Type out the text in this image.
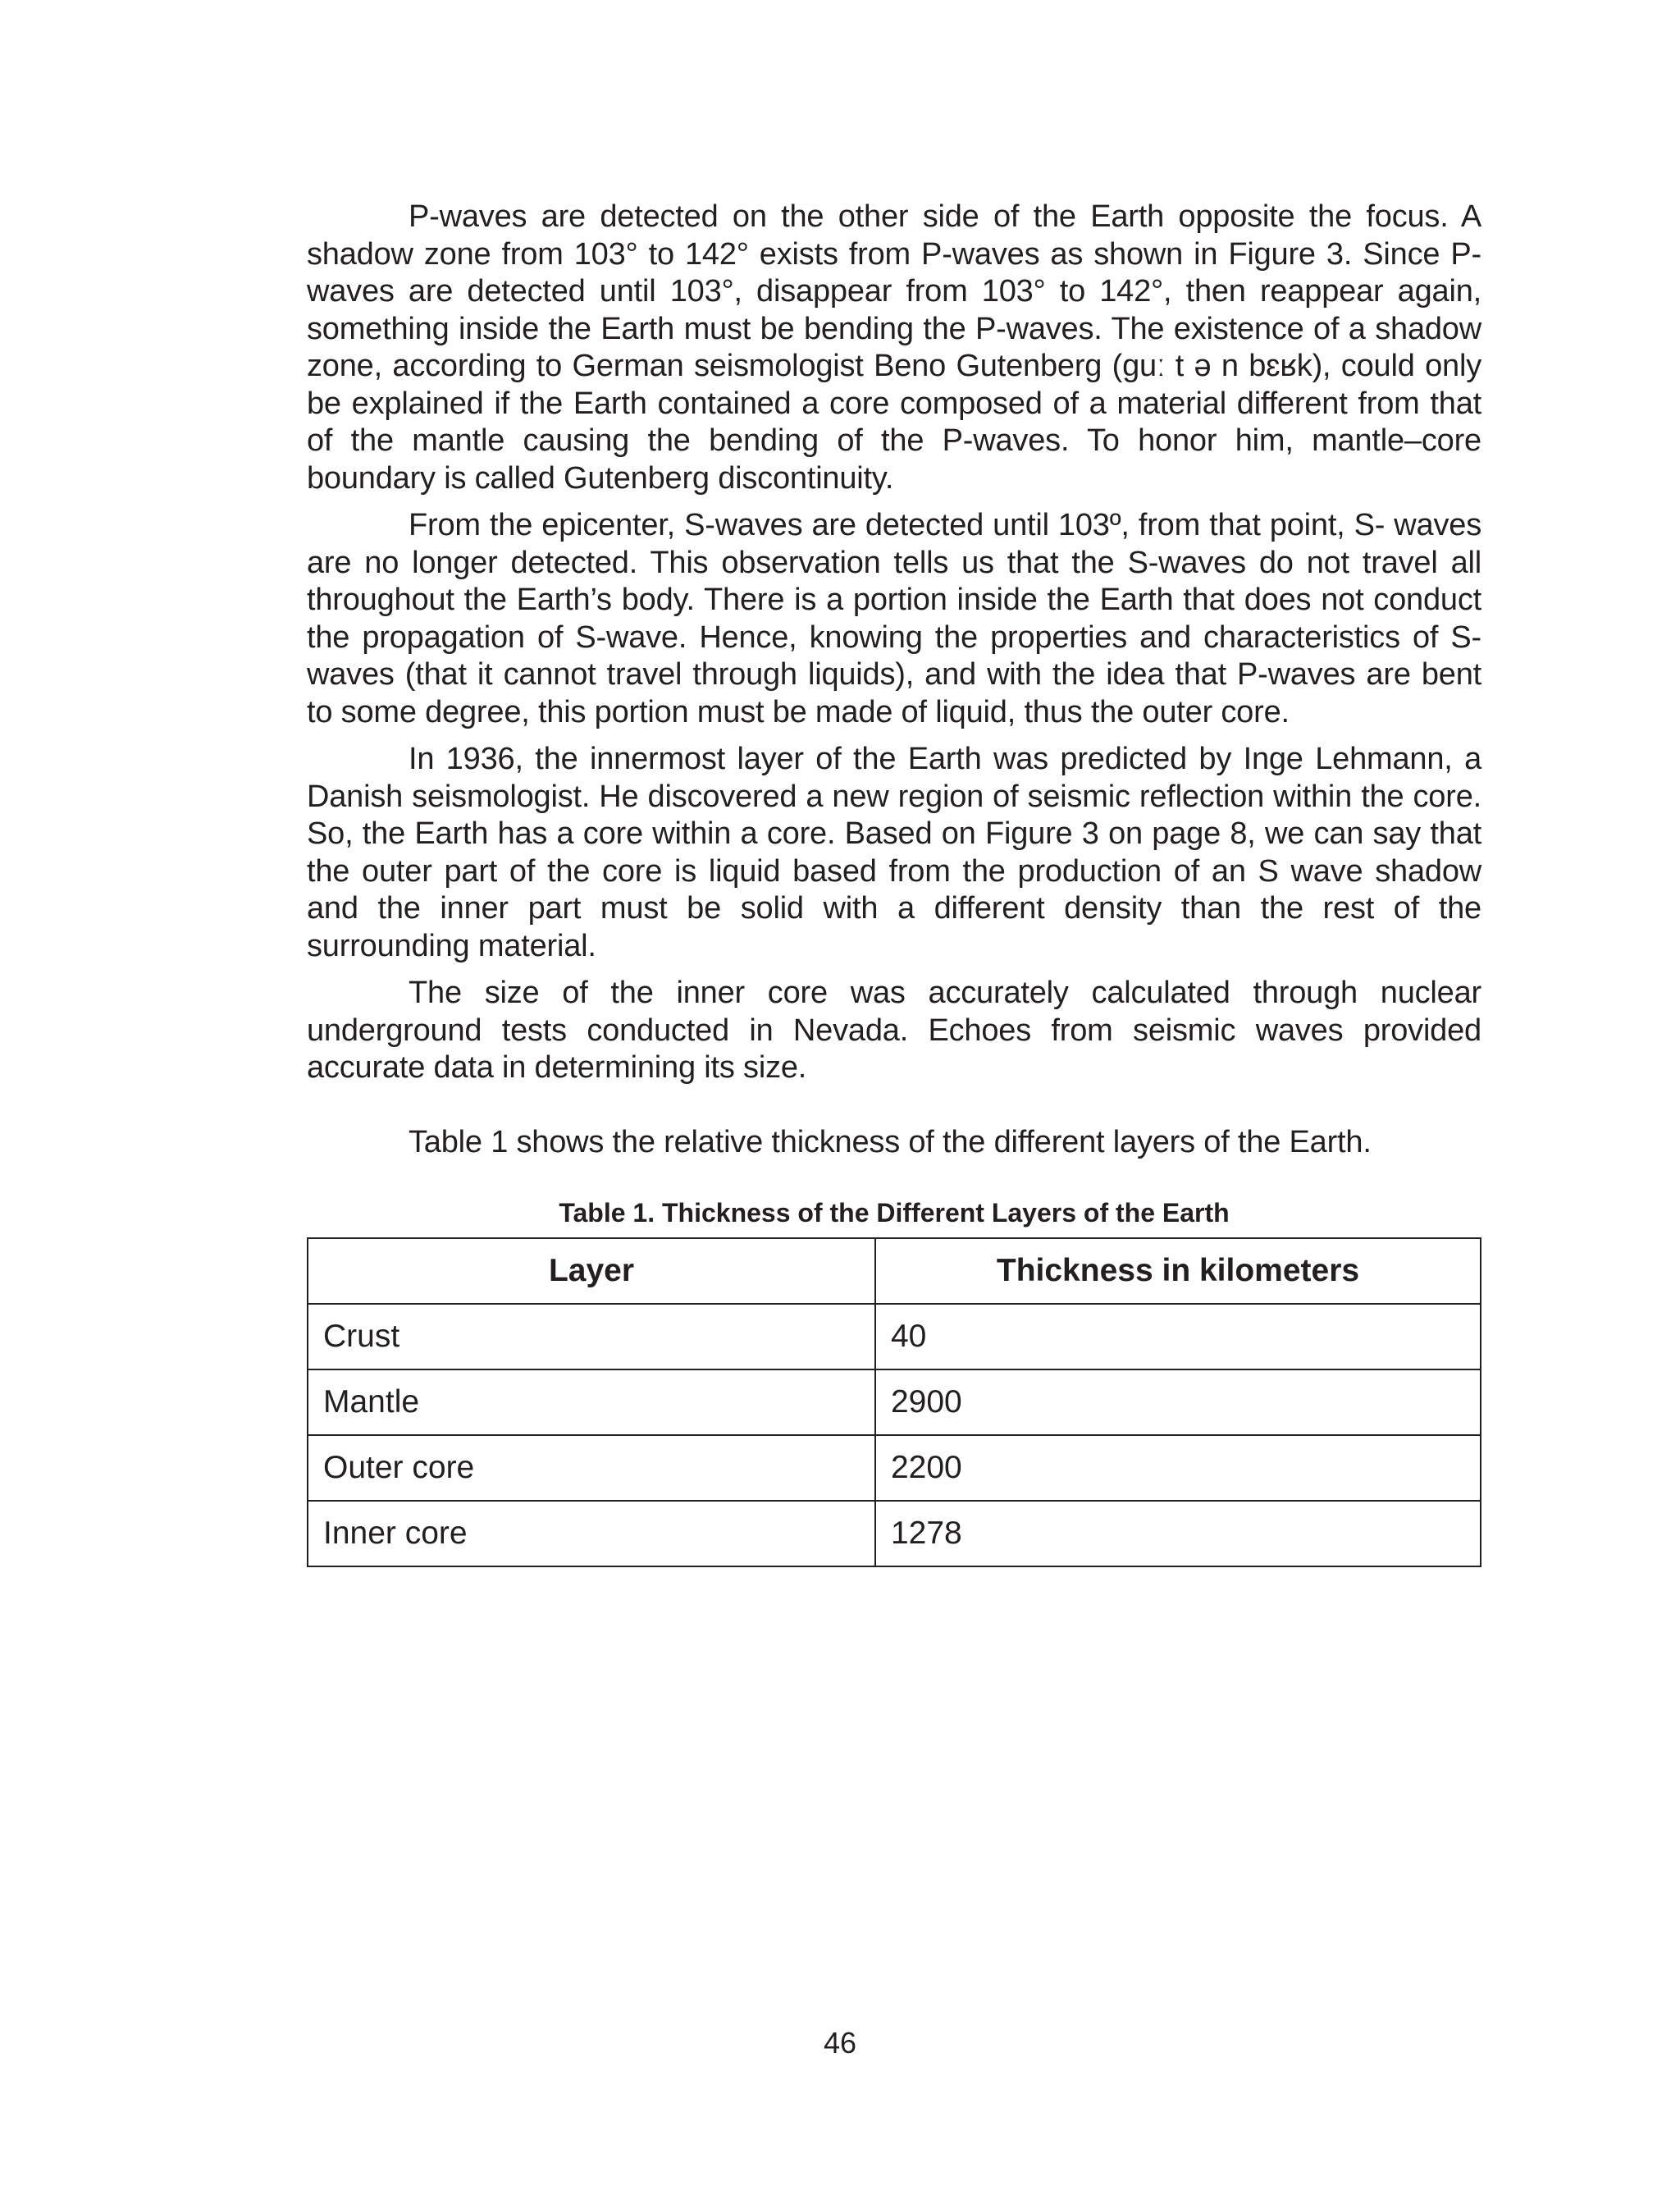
P-waves are detected on the other side of the Earth opposite the focus. A shadow zone from 103° to 142° exists from P-waves as shown in Figure 3. Since P-waves are detected until 103°, disappear from 103° to 142°, then reappear again, something inside the Earth must be bending the P-waves. The existence of a shadow zone, according to German seismologist Beno Gutenberg (guː t ə n bɛʁk), could only be explained if the Earth contained a core composed of a material different from that of the mantle causing the bending of the P-waves. To honor him, mantle–core boundary is called Gutenberg discontinuity.

From the epicenter, S-waves are detected until 103º, from that point, S- waves are no longer detected. This observation tells us that the S-waves do not travel all throughout the Earth’s body. There is a portion inside the Earth that does not conduct the propagation of S-wave. Hence, knowing the properties and characteristics of S-waves (that it cannot travel through liquids), and with the idea that P-waves are bent to some degree, this portion must be made of liquid, thus the outer core.

In 1936, the innermost layer of the Earth was predicted by Inge Lehmann, a Danish seismologist. He discovered a new region of seismic reflection within the core. So, the Earth has a core within a core. Based on Figure 3 on page 8, we can say that the outer part of the core is liquid based from the production of an S wave shadow and the inner part must be solid with a different density than the rest of the surrounding material.

The size of the inner core was accurately calculated through nuclear underground tests conducted in Nevada. Echoes from seismic waves provided accurate data in determining its size.

Table 1 shows the relative thickness of the different layers of the Earth.

Table 1. Thickness of the Different Layers of the Earth
Layer	Thickness in kilometers
Crust	40
Mantle	2900
Outer core	2200
Inner core	1278
46
